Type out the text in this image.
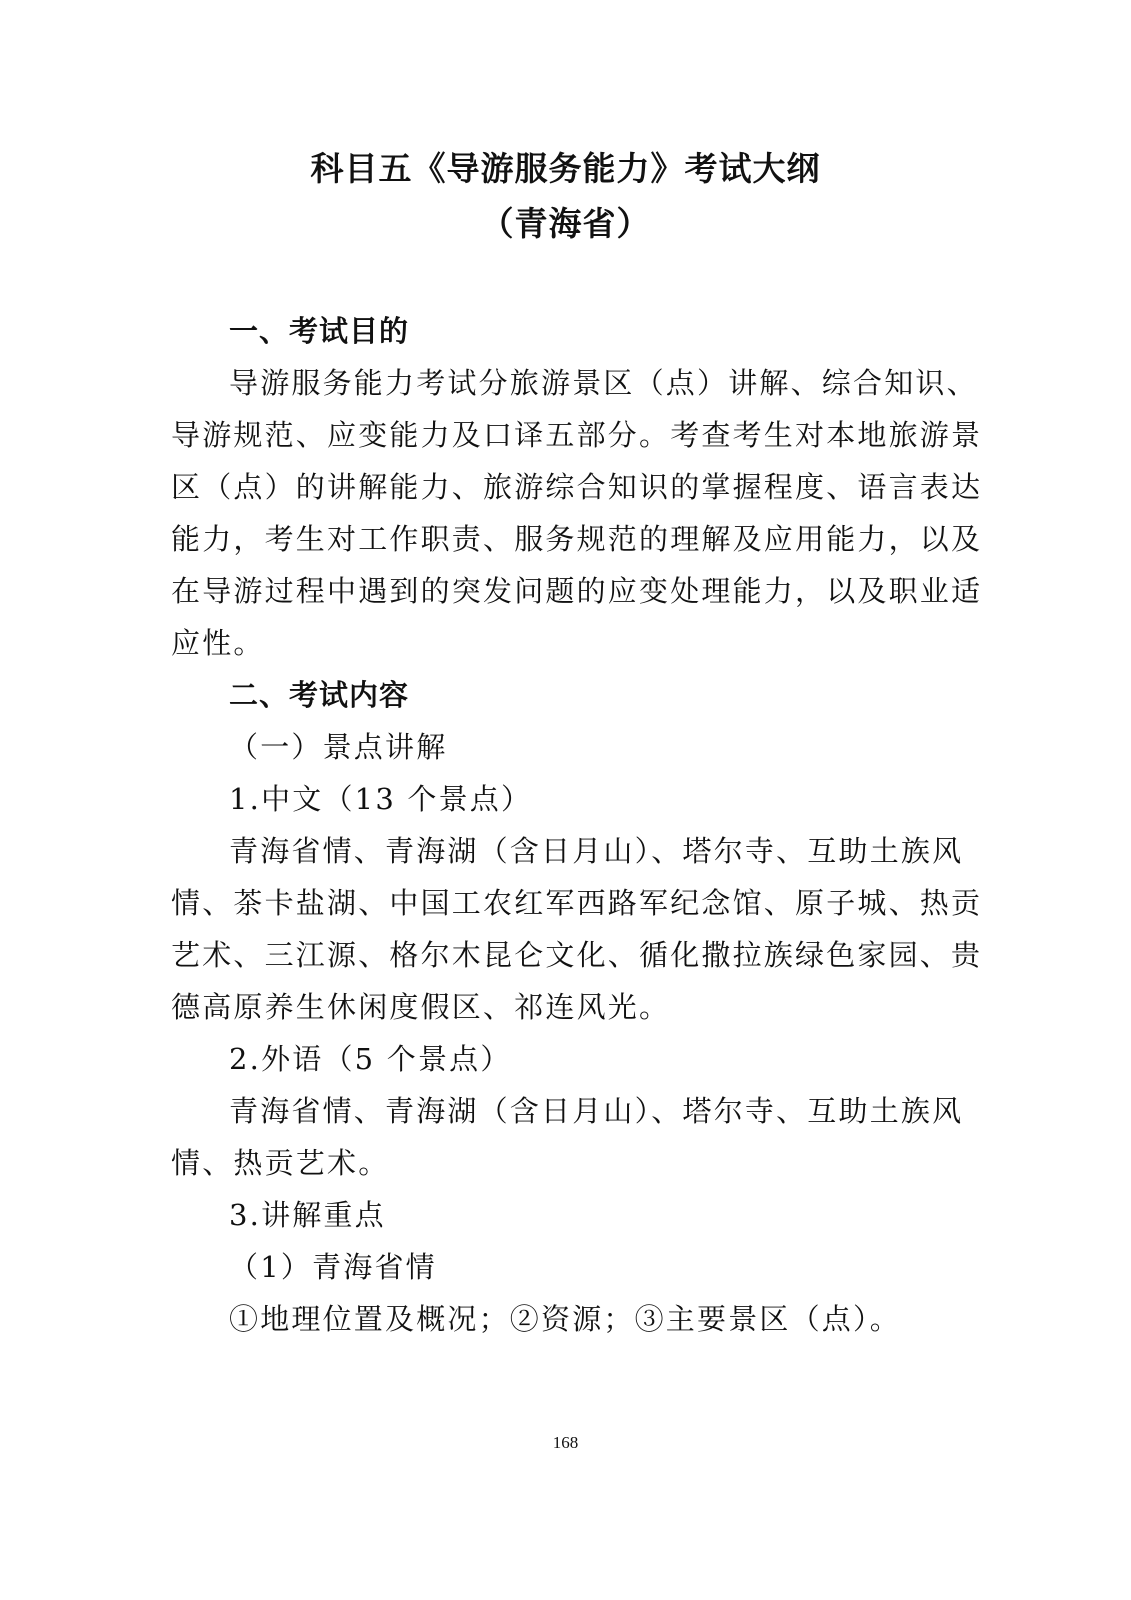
科目五《导游服务能力》考试大纲
（青海省）

一、考试目的

导游服务能力考试分旅游景区（点）讲解、综合知识、

导游规范、应变能力及口译五部分。考查考生对本地旅游景

区（点）的讲解能力、旅游综合知识的掌握程度、语言表达

能力，考生对工作职责、服务规范的理解及应用能力，以及

在导游过程中遇到的突发问题的应变处理能力，以及职业适

应性。

二、考试内容

（一）景点讲解

1.中文（13 个景点）

青海省情、青海湖（含日月山）、塔尔寺、互助土族风

情、茶卡盐湖、中国工农红军西路军纪念馆、原子城、热贡

艺术、三江源、格尔木昆仑文化、循化撒拉族绿色家园、贵

德高原养生休闲度假区、祁连风光。

2.外语（5 个景点）

青海省情、青海湖（含日月山）、塔尔寺、互助土族风

情、热贡艺术。

3.讲解重点

（1）青海省情

①地理位置及概况；②资源；③主要景区（点）。

168
